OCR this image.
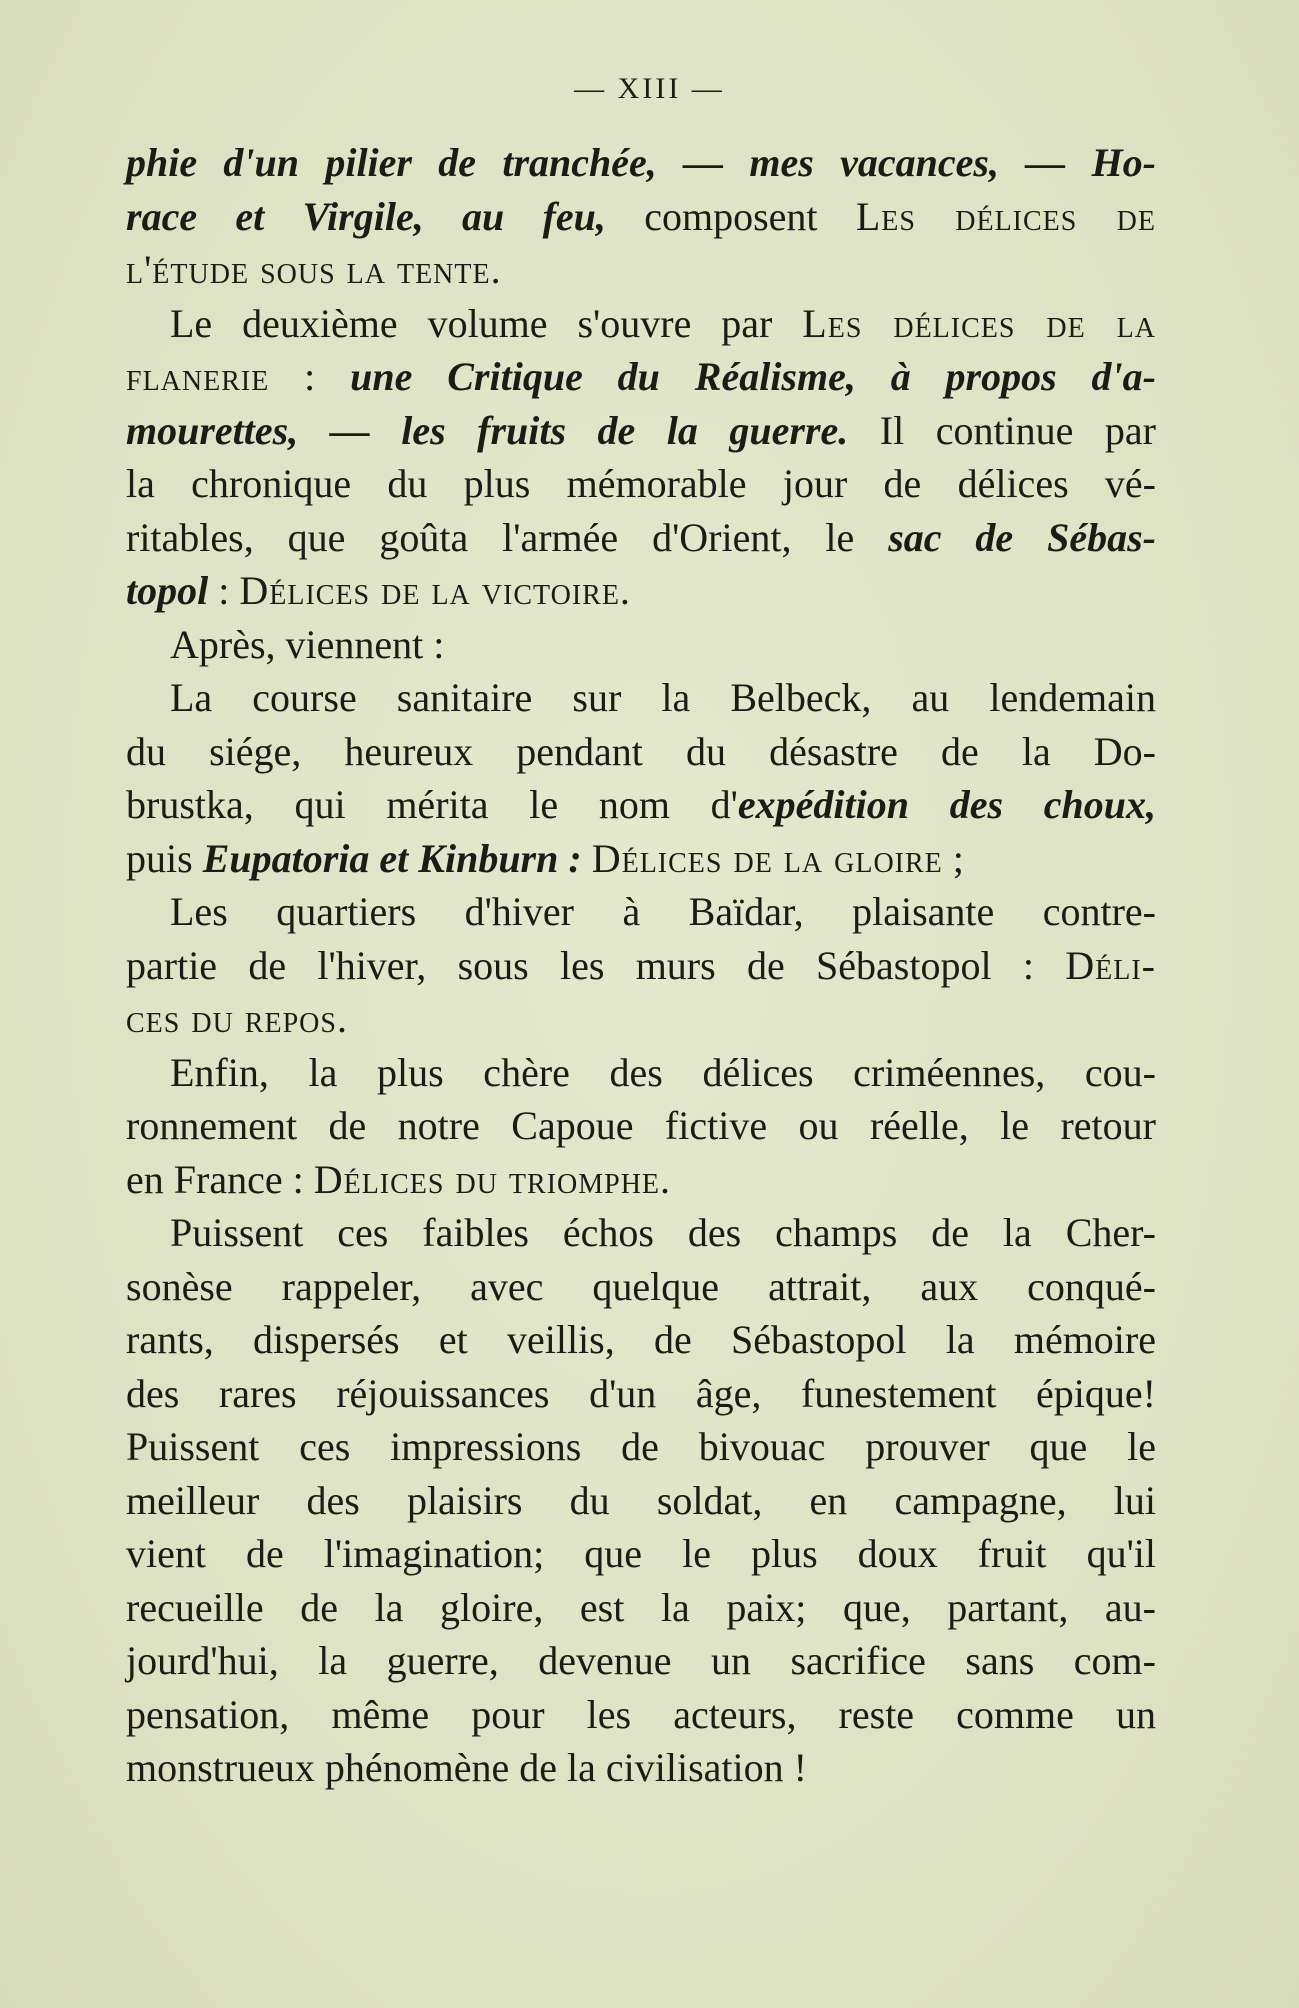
— XIII —
phie d'un pilier de tranchée, — mes vacances, — Ho-
race et Virgile, au feu, composent Les délices de
l'étude sous la tente.
Le deuxième volume s'ouvre par Les délices de la
flanerie : une Critique du Réalisme, à propos d'a-
mourettes, — les fruits de la guerre. Il continue par
la chronique du plus mémorable jour de délices vé-
ritables, que goûta l'armée d'Orient, le sac de Sébas-
topol : Délices de la victoire.
Après, viennent :
La course sanitaire sur la Belbeck, au lendemain
du siége, heureux pendant du désastre de la Do-
brustka, qui mérita le nom d'expédition des choux,
puis Eupatoria et Kinburn : Délices de la gloire ;
Les quartiers d'hiver à Baïdar, plaisante contre-
partie de l'hiver, sous les murs de Sébastopol : Déli-
ces du repos.
Enfin, la plus chère des délices criméennes, cou-
ronnement de notre Capoue fictive ou réelle, le retour
en France : Délices du triomphe.
Puissent ces faibles échos des champs de la Cher-
sonèse rappeler, avec quelque attrait, aux conqué-
rants, dispersés et veillis, de Sébastopol la mémoire
des rares réjouissances d'un âge, funestement épique!
Puissent ces impressions de bivouac prouver que le
meilleur des plaisirs du soldat, en campagne, lui
vient de l'imagination; que le plus doux fruit qu'il
recueille de la gloire, est la paix; que, partant, au-
jourd'hui, la guerre, devenue un sacrifice sans com-
pensation, même pour les acteurs, reste comme un
monstrueux phénomène de la civilisation !
